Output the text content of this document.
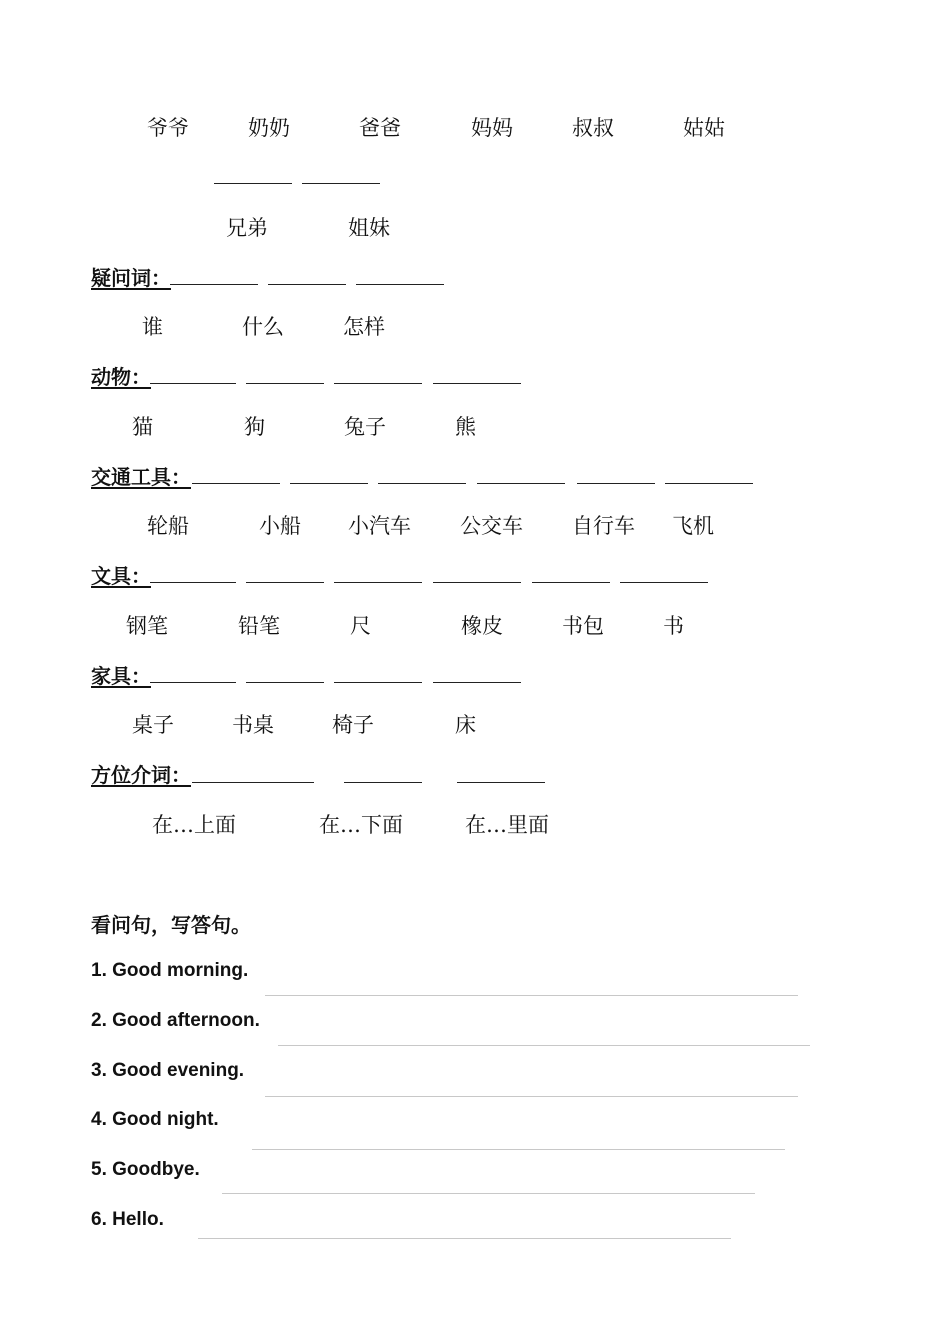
爷爷	奶奶	爸爸	妈妈	叔叔	姑姑
兄弟	姐妹
疑问词：
谁	什么	怎样
动物：
猫	狗	兔子	熊
交通工具：
轮船	小船 小汽车 公交车 自行车 飞机
文具：
钢笔	铅笔	尺	橡皮	书包	书
家具：
桌子	书桌	椅子	床
方位介词：
在…上面	在…下面	在…里面
看问句，写答句。
1. Good morning.
2. Good afternoon.
3. Good evening.
4. Good night.
5. Goodbye.
6. Hello.
